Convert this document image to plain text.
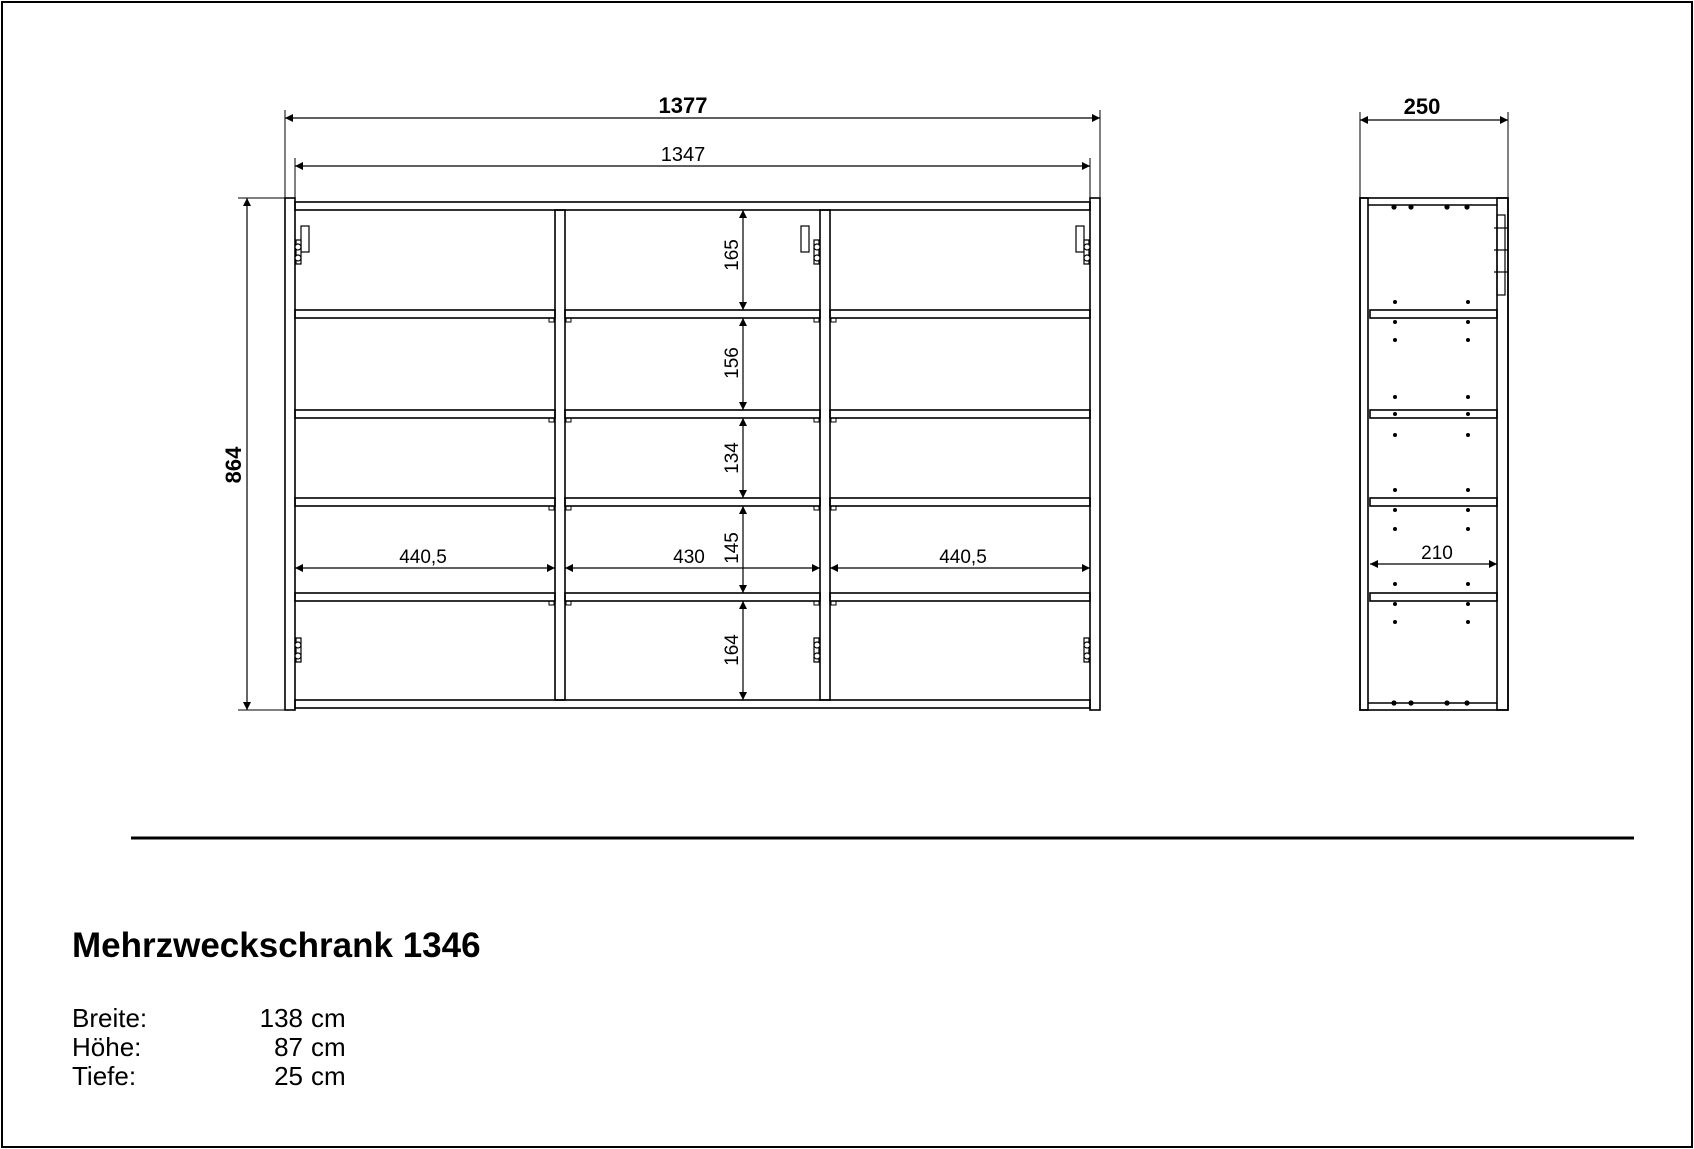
1377
1347
864
440,5	430	440,5
165
156
134
145
164
250
210
Mehrzweckschrank 1346
Breite:	138 cm
Höhe:	87 cm
Tiefe:	25 cm
